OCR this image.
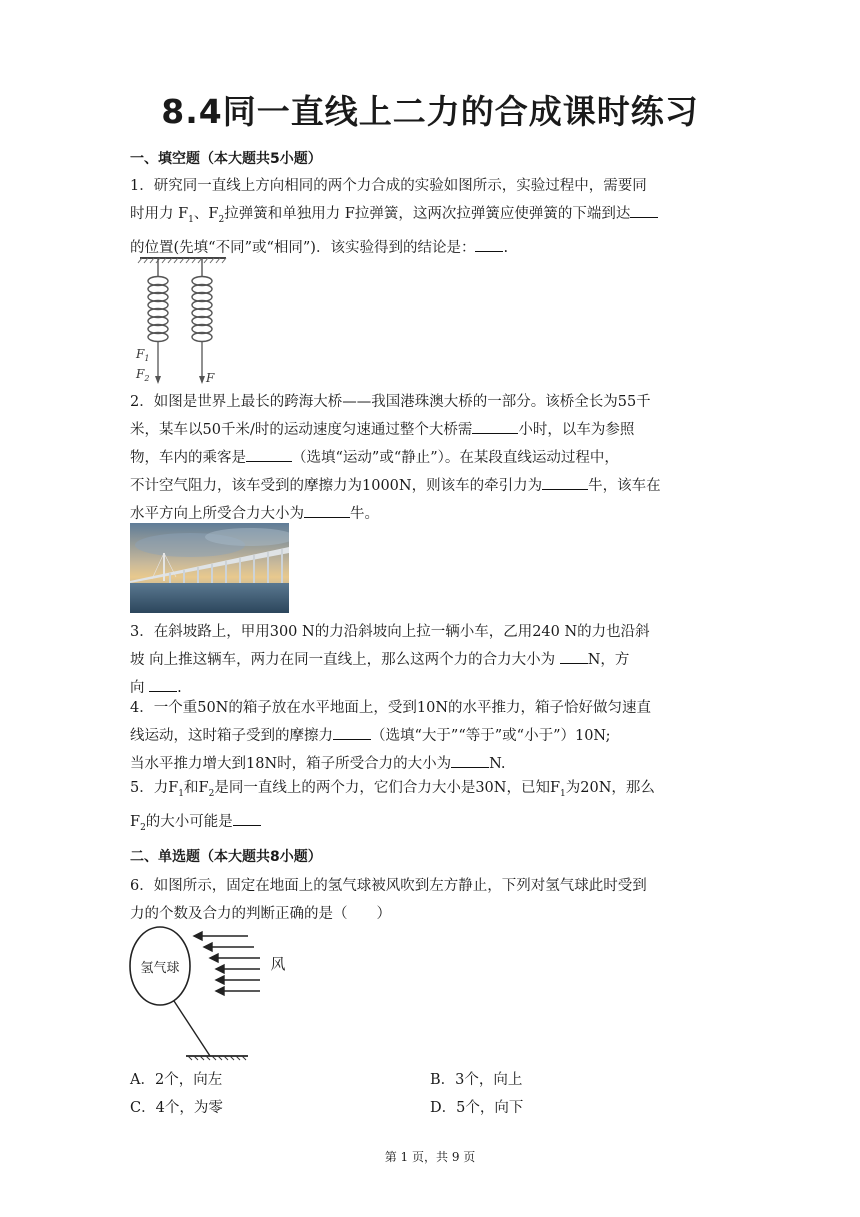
8.4同一直线上二力的合成课时练习
一、填空题（本大题共5小题）
1．研究同一直线上方向相同的两个力合成的实验如图所示，实验过程中，需要同
时用力 $F_1$、$F_2$拉弹簧和单独用力 F拉弹簧，这两次拉弹簧应使弹簧的下端到达
的位置(先填“不同”或“相同”)．该实验得到的结论是： .
$F_1$
$F_2$	F
2．如图是世界上最长的跨海大桥——我国港珠澳大桥的一部分。该桥全长为55千
米，某车以50千米/时的运动速度匀速通过整个大桥需	小时，以车为参照
物，车内的乘客是	（选填“运动”或“静止”）。在某段直线运动过程中，
不计空气阻力，该车受到的摩擦力为1000N，则该车的牵引力为	牛，该车在
水平方向上所受合力大小为	牛。
3．在斜坡路上，甲用300 N的力沿斜坡向上拉一辆小车，乙用240 N的力也沿斜
坡 向上推这辆车，两力在同一直线上，那么这两个力的合力大小为 N，方
向 .
4．一个重50N的箱子放在水平地面上，受到10N的水平推力，箱子恰好做匀速直
线运动，这时箱子受到的摩擦力	（选填“大于”“等于”或“小于”）10N;
当水平推力增大到18N时，箱子所受合力的大小为	N.
5．力$F_1$和$F_2$是同一直线上的两个力，它们合力大小是30N，已知$F_1$为20N，那么
$F_2$的大小可能是
二、单选题（本大题共8小题）
6．如图所示，固定在地面上的氢气球被风吹到左方静止，下列对氢气球此时受到
力的个数及合力的判断正确的是（　　）
氢气球	风
A．2个，向左	B．3个，向上
C．4个，为零	D．5个，向下
第 1 页，共 9 页
